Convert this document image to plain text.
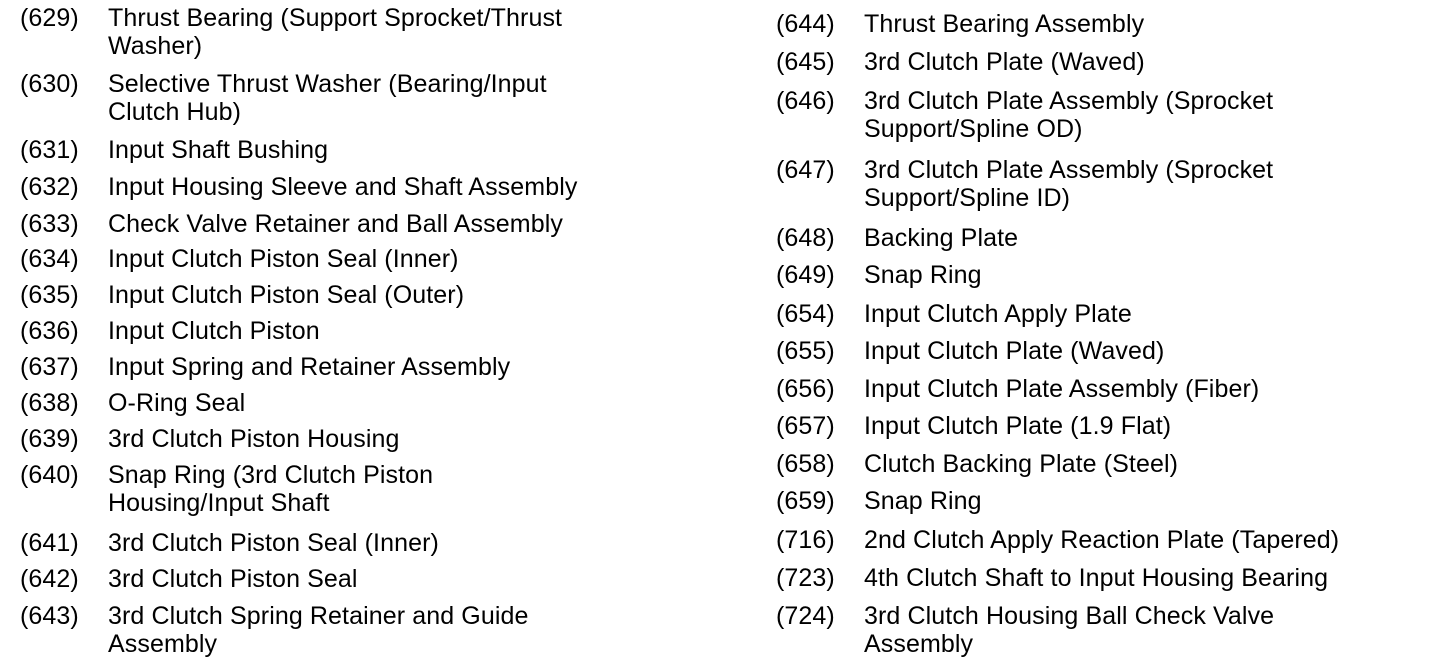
(629)	Thrust Bearing (Support Sprocket/Thrust Washer)
(630)	Selective Thrust Washer (Bearing/Input Clutch Hub)
(631)	Input Shaft Bushing
(632)	Input Housing Sleeve and Shaft Assembly
(633)	Check Valve Retainer and Ball Assembly
(634)	Input Clutch Piston Seal (Inner)
(635)	Input Clutch Piston Seal (Outer)
(636)	Input Clutch Piston
(637)	Input Spring and Retainer Assembly
(638)	O-Ring Seal
(639)	3rd Clutch Piston Housing
(640)	Snap Ring (3rd Clutch Piston Housing/Input Shaft
(641)	3rd Clutch Piston Seal (Inner)
(642)	3rd Clutch Piston Seal
(643)	3rd Clutch Spring Retainer and Guide Assembly
(644)	Thrust Bearing Assembly
(645)	3rd Clutch Plate (Waved)
(646)	3rd Clutch Plate Assembly (Sprocket Support/Spline OD)
(647)	3rd Clutch Plate Assembly (Sprocket Support/Spline ID)
(648)	Backing Plate
(649)	Snap Ring
(654)	Input Clutch Apply Plate
(655)	Input Clutch Plate (Waved)
(656)	Input Clutch Plate Assembly (Fiber)
(657)	Input Clutch Plate (1.9 Flat)
(658)	Clutch Backing Plate (Steel)
(659)	Snap Ring
(716)	2nd Clutch Apply Reaction Plate (Tapered)
(723)	4th Clutch Shaft to Input Housing Bearing
(724)	3rd Clutch Housing Ball Check Valve Assembly
